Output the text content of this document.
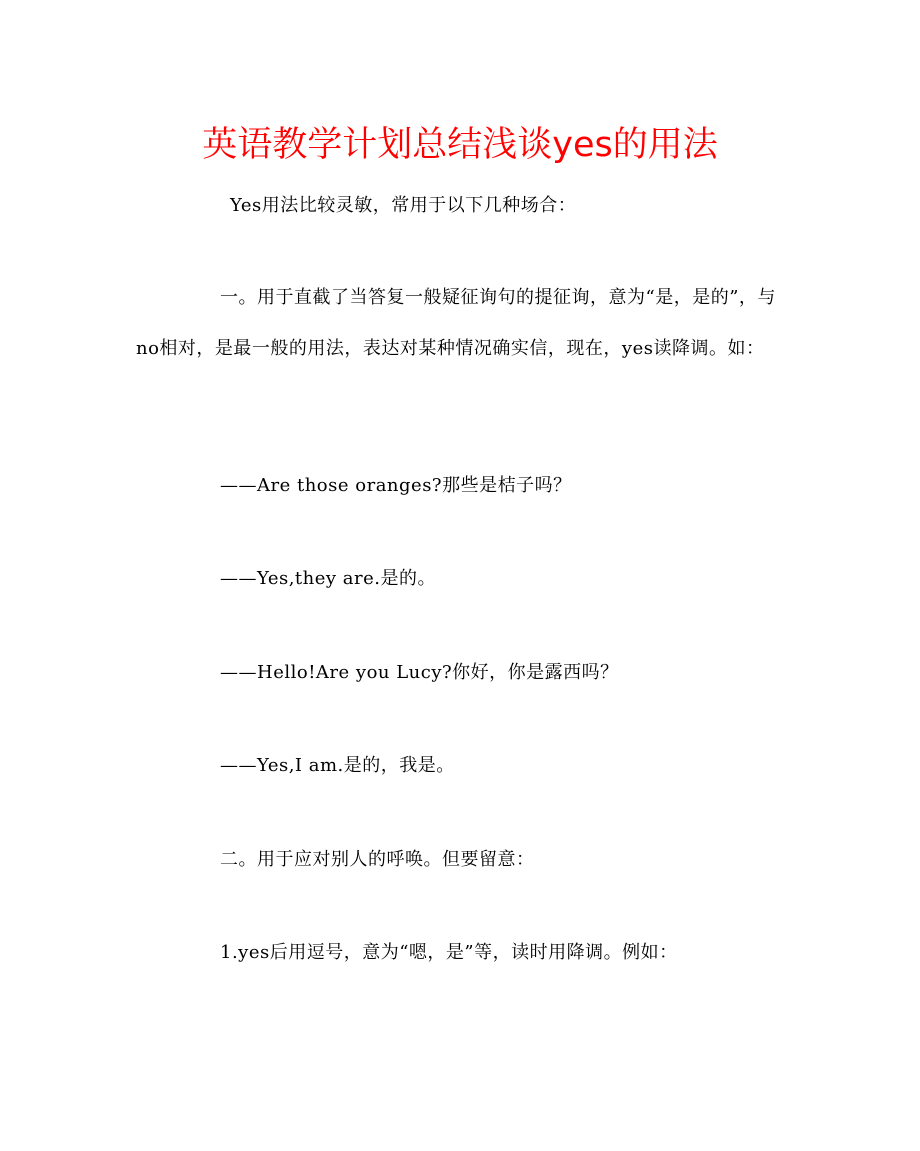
英语教学计划总结浅谈yes的用法

Yes用法比较灵敏，常用于以下几种场合：

一。用于直截了当答复一般疑征询句的提征询，意为“是，是的”，与no相对，是最一般的用法，表达对某种情况确实信，现在，yes读降调。如：

——Are those oranges?那些是桔子吗？

——Yes,they are.是的。

——Hello!Are you Lucy?你好，你是露西吗？

——Yes,I am.是的，我是。

二。用于应对别人的呼唤。但要留意：

1.yes后用逗号，意为“嗯，是”等，读时用降调。例如：
